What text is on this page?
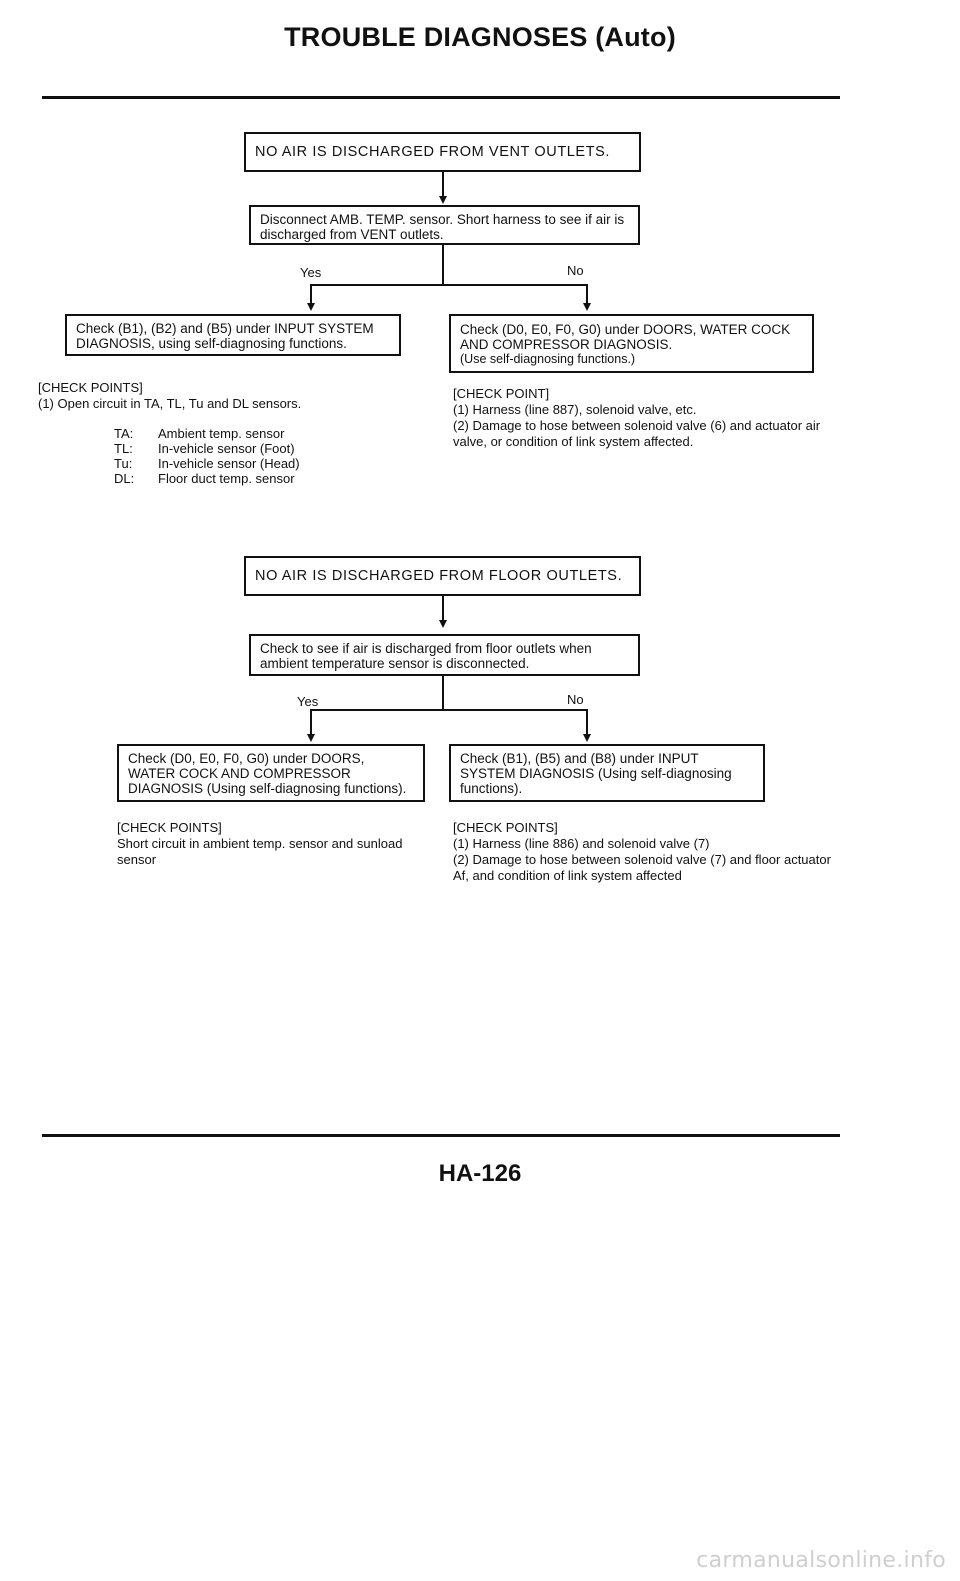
TROUBLE DIAGNOSES (Auto)
NO AIR IS DISCHARGED FROM VENT OUTLETS.
Disconnect AMB. TEMP. sensor. Short harness to see if air is discharged from VENT outlets.
Yes	No
Check (B1), (B2) and (B5) under INPUT SYSTEM DIAGNOSIS, using self-diagnosing functions.
Check (D0, E0, F0, G0) under DOORS, WATER COCK AND COMPRESSOR DIAGNOSIS.
(Use self-diagnosing functions.)
[CHECK POINTS]
(1) Open circuit in TA, TL, Tu and DL sensors.
TA:	Ambient temp. sensor
TL:	In-vehicle sensor (Foot)
Tu:	In-vehicle sensor (Head)
DL:	Floor duct temp. sensor
[CHECK POINT]
(1) Harness (line 887), solenoid valve, etc.
(2) Damage to hose between solenoid valve (6) and actuator air valve, or condition of link system affected.
NO AIR IS DISCHARGED FROM FLOOR OUTLETS.
Check to see if air is discharged from floor outlets when ambient temperature sensor is disconnected.
Yes	No
Check (D0, E0, F0, G0) under DOORS, WATER COCK AND COMPRESSOR DIAGNOSIS (Using self-diagnosing functions).
Check (B1), (B5) and (B8) under INPUT SYSTEM DIAGNOSIS (Using self-diagnosing functions).
[CHECK POINTS]
Short circuit in ambient temp. sensor and sunload sensor
[CHECK POINTS]
(1) Harness (line 886) and solenoid valve (7)
(2) Damage to hose between solenoid valve (7) and floor actuator Af, and condition of link system affected
HA-126
carmanualsonline.info
